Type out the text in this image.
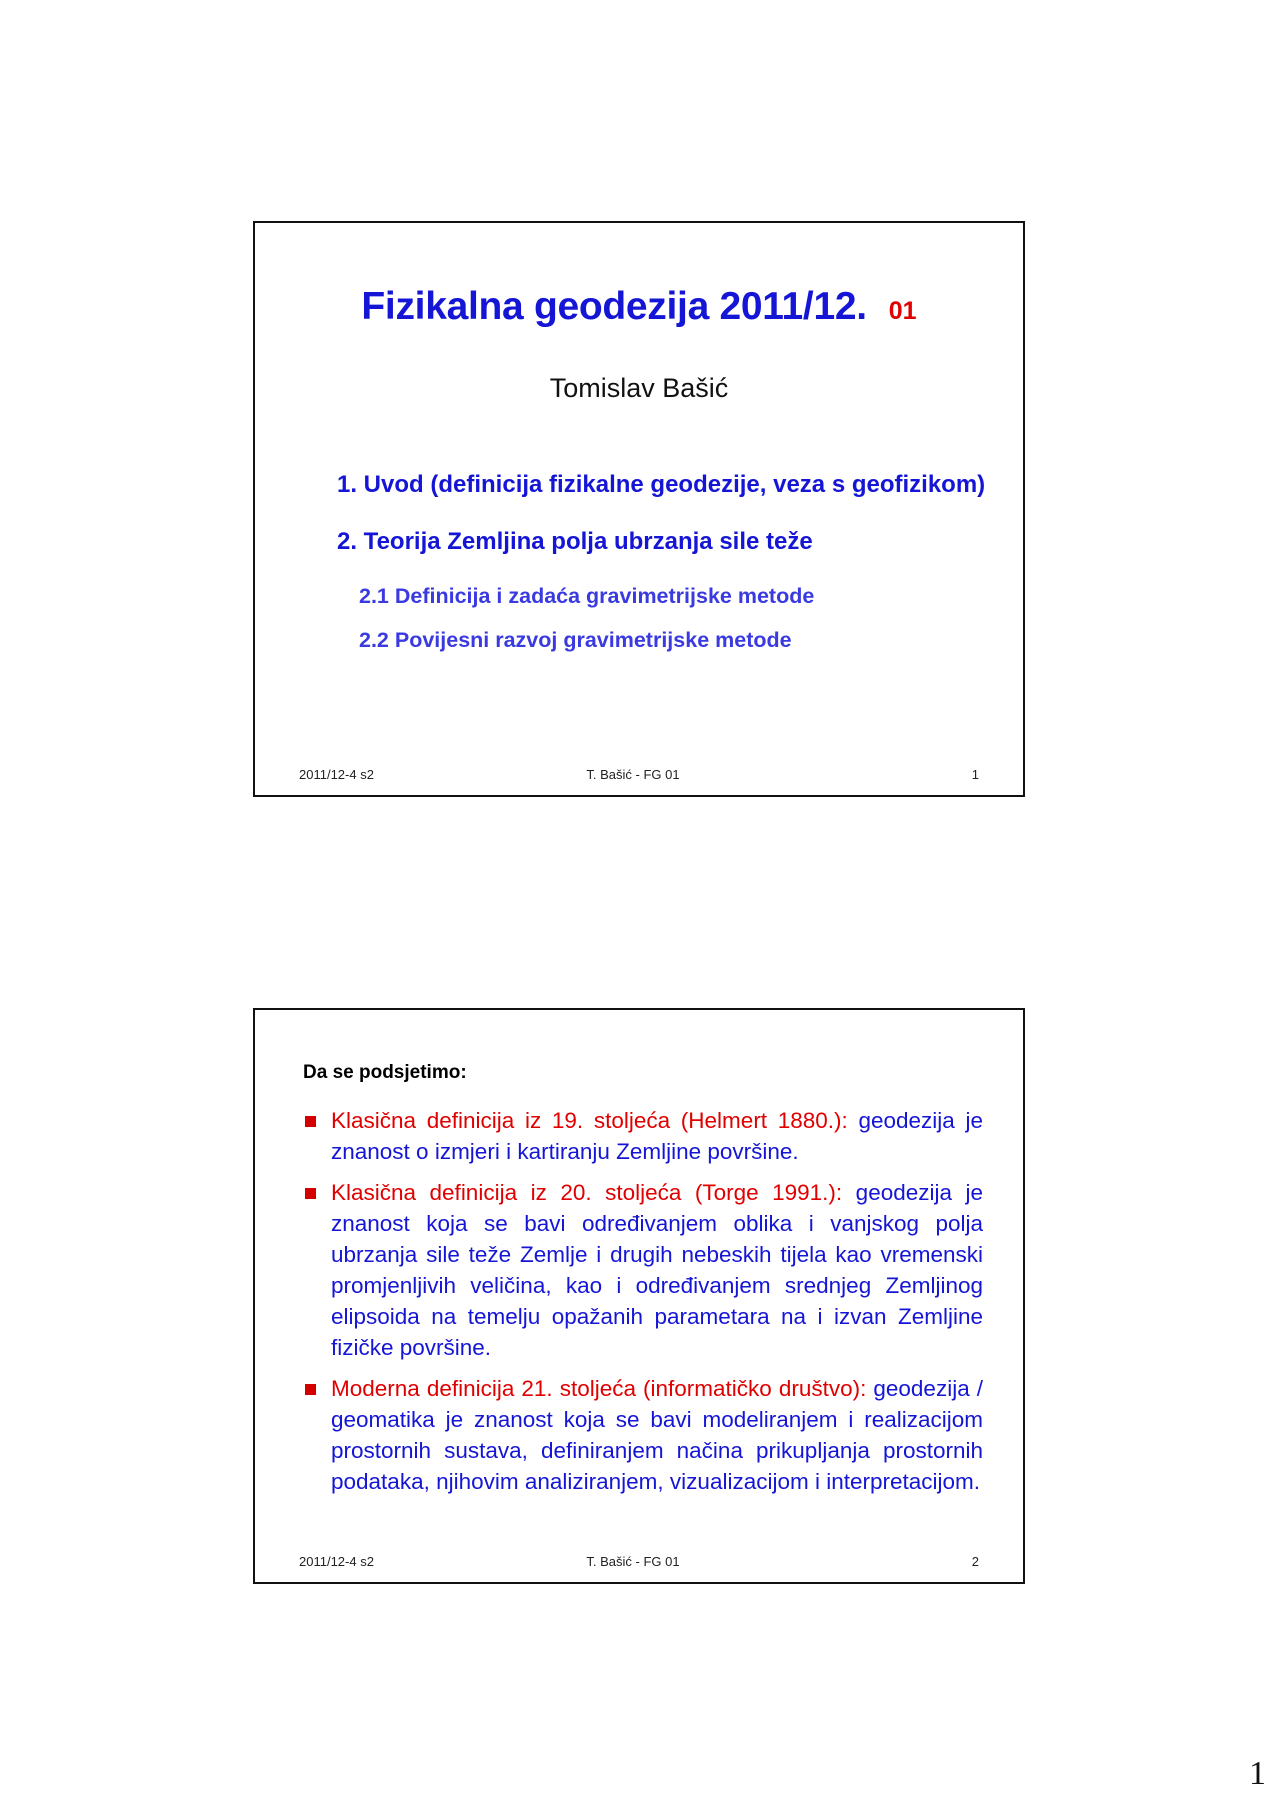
Fizikalna geodezija 2011/12. 01
Tomislav Bašić
1. Uvod (definicija fizikalne geodezije, veza s geofizikom)
2. Teorija Zemljina polja ubrzanja sile teže
2.1 Definicija i zadaća gravimetrijske metode
2.2 Povijesni razvoj gravimetrijske metode
2011/12-4 s2	T. Bašić - FG 01	1
Da se podsjetimo:
Klasična definicija iz 19. stoljeća (Helmert 1880.): geodezija je znanost o izmjeri i kartiranju Zemljine površine.
Klasična definicija iz 20. stoljeća (Torge 1991.): geodezija je znanost koja se bavi određivanjem oblika i vanjskog polja ubrzanja sile teže Zemlje i drugih nebeskih tijela kao vremenski promjenljivih veličina, kao i određivanjem srednjeg Zemljinog elipsoida na temelju opažanih parametara na i izvan Zemljine fizičke površine.
Moderna definicija 21. stoljeća (informatičko društvo): geodezija / geomatika je znanost koja se bavi modeliranjem i realizacijom prostornih sustava, definiranjem načina prikupljanja prostornih podataka, njihovim analiziranjem, vizualizacijom i interpretacijom.
2011/12-4 s2	T. Bašić - FG 01	2
1
